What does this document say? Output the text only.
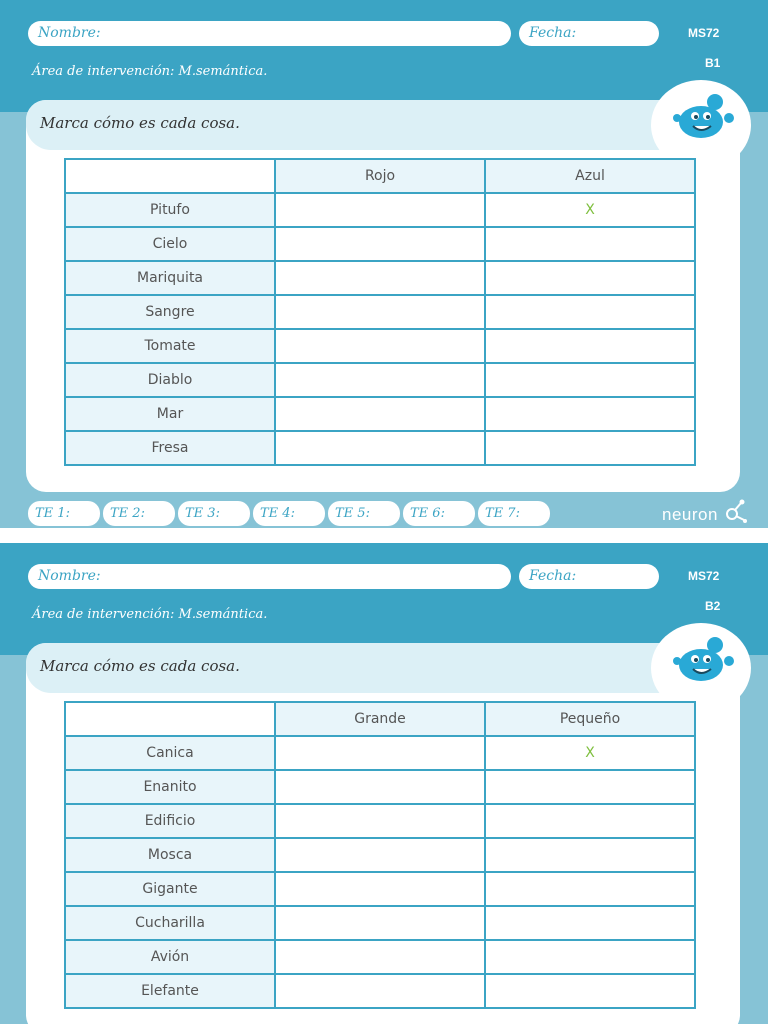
Nombre:	Fecha:	MS72
B1
Área de intervención: M.semántica.
Marca cómo es cada cosa.
	Rojo	Azul
Pitufo		X
Cielo		
Mariquita		
Sangre		
Tomate		
Diablo		
Mar		
Fresa		
TE 1:	TE 2:	TE 3:	TE 4:	TE 5:	TE 6:	TE 7:	neuron
Nombre:	Fecha:	MS72
B2
Área de intervención: M.semántica.
Marca cómo es cada cosa.
	Grande	Pequeño
Canica		X
Enanito		
Edificio		
Mosca		
Gigante		
Cucharilla		
Avión		
Elefante		
